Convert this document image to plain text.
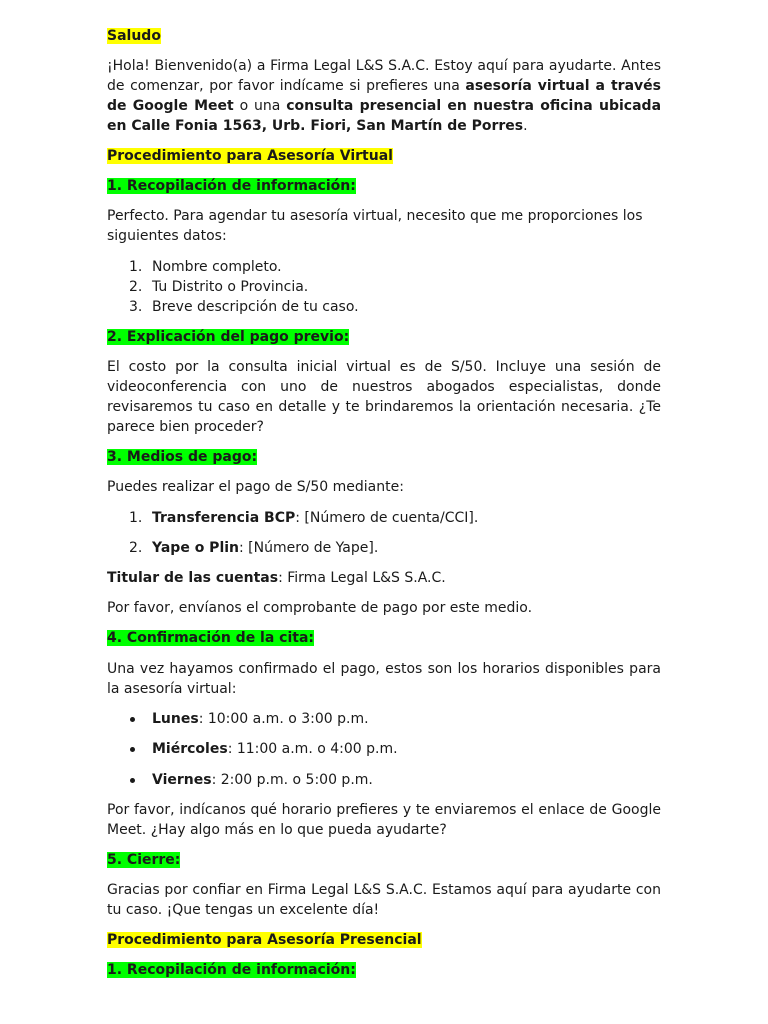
Saludo

¡Hola! Bienvenido(a) a Firma Legal L&S S.A.C. Estoy aquí para ayudarte. Antes de comenzar, por favor indícame si prefieres una asesoría virtual a través de Google Meet o una consulta presencial en nuestra oficina ubicada en Calle Fonia 1563, Urb. Fiori, San Martín de Porres.

Procedimiento para Asesoría Virtual

1. Recopilación de información:

Perfecto. Para agendar tu asesoría virtual, necesito que me proporciones los siguientes datos:

1. Nombre completo.
2. Tu Distrito o Provincia.
3. Breve descripción de tu caso.

2. Explicación del pago previo:

El costo por la consulta inicial virtual es de S/50. Incluye una sesión de videoconferencia con uno de nuestros abogados especialistas, donde revisaremos tu caso en detalle y te brindaremos la orientación necesaria. ¿Te parece bien proceder?

3. Medios de pago:

Puedes realizar el pago de S/50 mediante:

1. Transferencia BCP: [Número de cuenta/CCI].
2. Yape o Plin: [Número de Yape].

Titular de las cuentas: Firma Legal L&S S.A.C.

Por favor, envíanos el comprobante de pago por este medio.

4. Confirmación de la cita:

Una vez hayamos confirmado el pago, estos son los horarios disponibles para la asesoría virtual:

Lunes: 10:00 a.m. o 3:00 p.m.
Miércoles: 11:00 a.m. o 4:00 p.m.
Viernes: 2:00 p.m. o 5:00 p.m.

Por favor, indícanos qué horario prefieres y te enviaremos el enlace de Google Meet. ¿Hay algo más en lo que pueda ayudarte?

5. Cierre:

Gracias por confiar en Firma Legal L&S S.A.C. Estamos aquí para ayudarte con tu caso. ¡Que tengas un excelente día!

Procedimiento para Asesoría Presencial

1. Recopilación de información:
